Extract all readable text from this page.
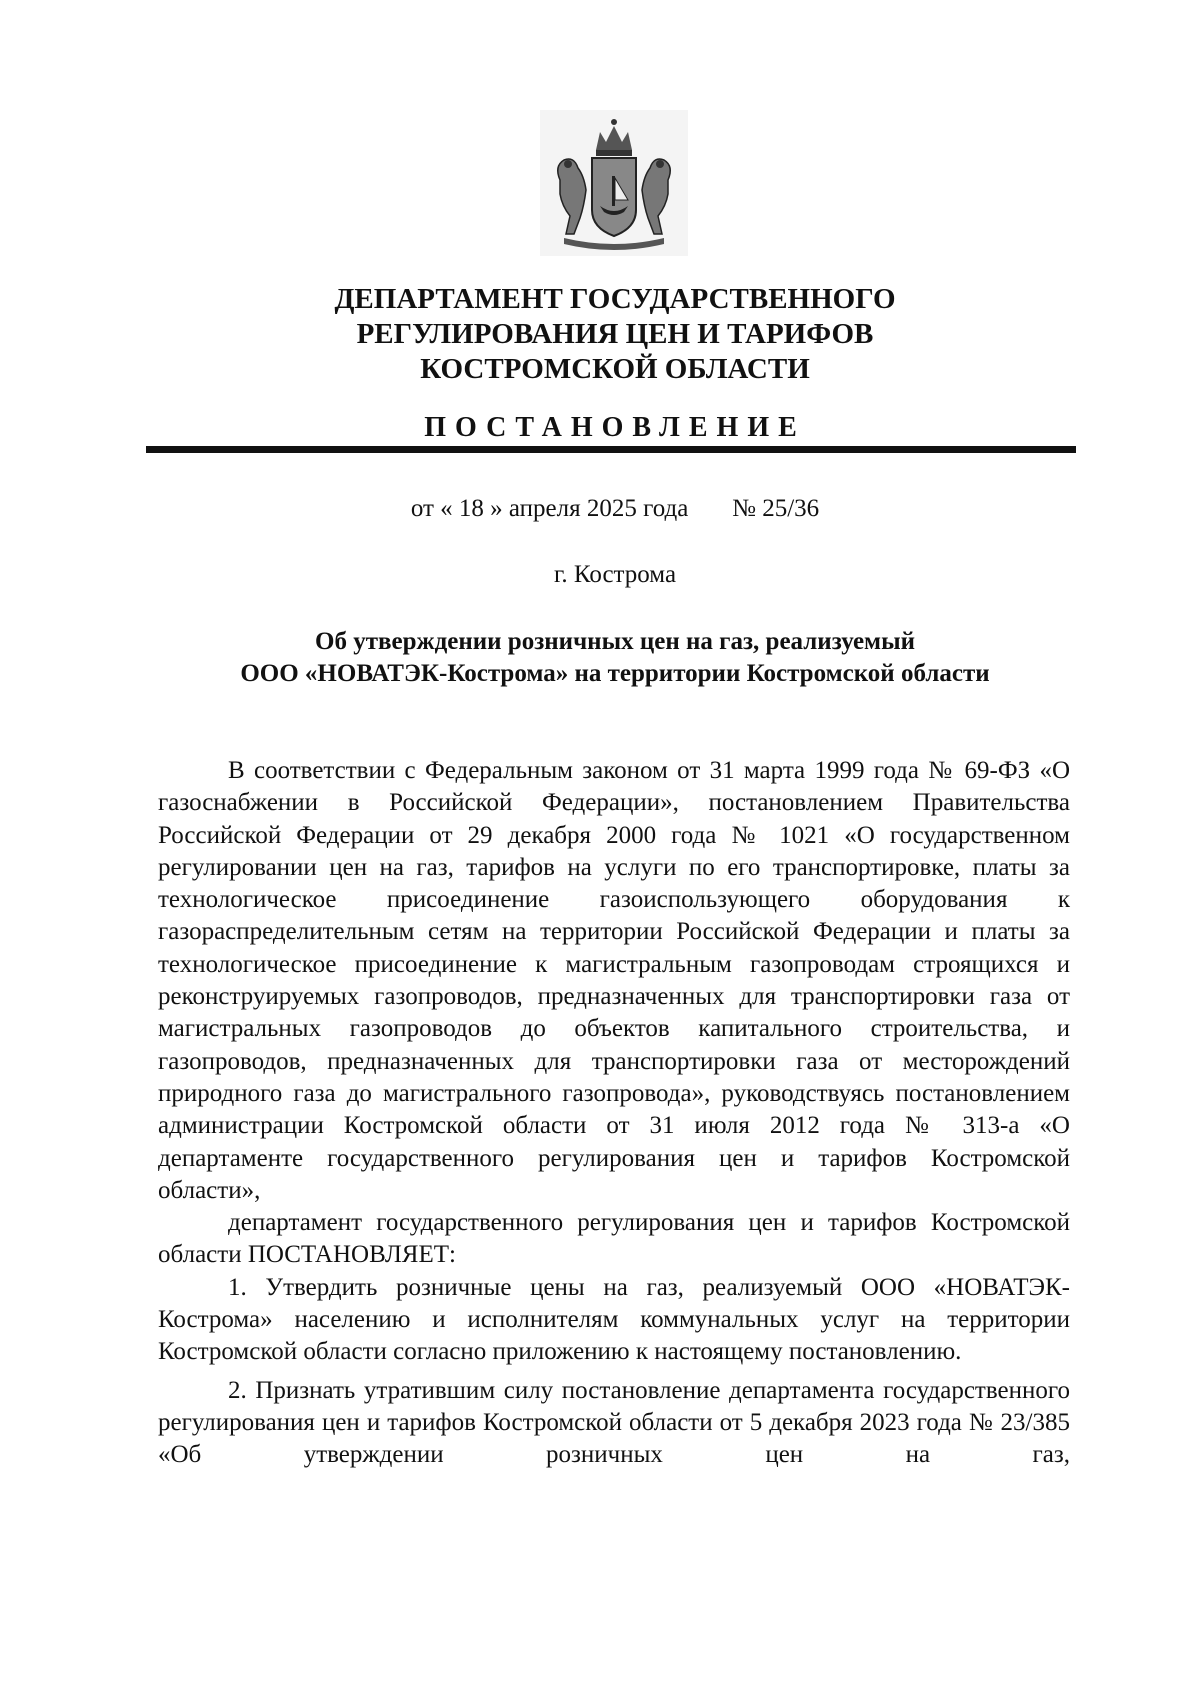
ДЕПАРТАМЕНТ ГОСУДАРСТВЕННОГО
РЕГУЛИРОВАНИЯ ЦЕН И ТАРИФОВ
КОСТРОМСКОЙ ОБЛАСТИ
ПОСТАНОВЛЕНИЕ
от « 18 » апреля 2025 года № 25/36
г. Кострома
Об утверждении розничных цен на газ, реализуемый
ООО «НОВАТЭК-Кострома» на территории Костромской области

В соответствии с Федеральным законом от 31 марта 1999 года № 69-ФЗ «О газоснабжении в Российской Федерации», постановлением Правительства Российской Федерации от 29 декабря 2000 года № 1021 «О государственном регулировании цен на газ, тарифов на услуги по его транспортировке, платы за технологическое присоединение газоиспользующего оборудования к газораспределительным сетям на территории Российской Федерации и платы за технологическое присоединение к магистральным газопроводам строящихся и реконструируемых газопроводов, предназначенных для транспортировки газа от магистральных газопроводов до объектов капитального строительства, и газопроводов, предназначенных для транспортировки газа от месторождений природного газа до магистрального газопровода», руководствуясь постановлением администрации Костромской области от 31 июля 2012 года № 313-а «О департаменте государственного регулирования цен и тарифов Костромской области»,

департамент государственного регулирования цен и тарифов Костромской области ПОСТАНОВЛЯЕТ:

1. Утвердить розничные цены на газ, реализуемый ООО «НОВАТЭК-Кострома» населению и исполнителям коммунальных услуг на территории Костромской области согласно приложению к настоящему постановлению.

2. Признать утратившим силу постановление департамента государственного регулирования цен и тарифов Костромской области от 5 декабря 2023 года № 23/385 «Об утверждении розничных цен на газ,
